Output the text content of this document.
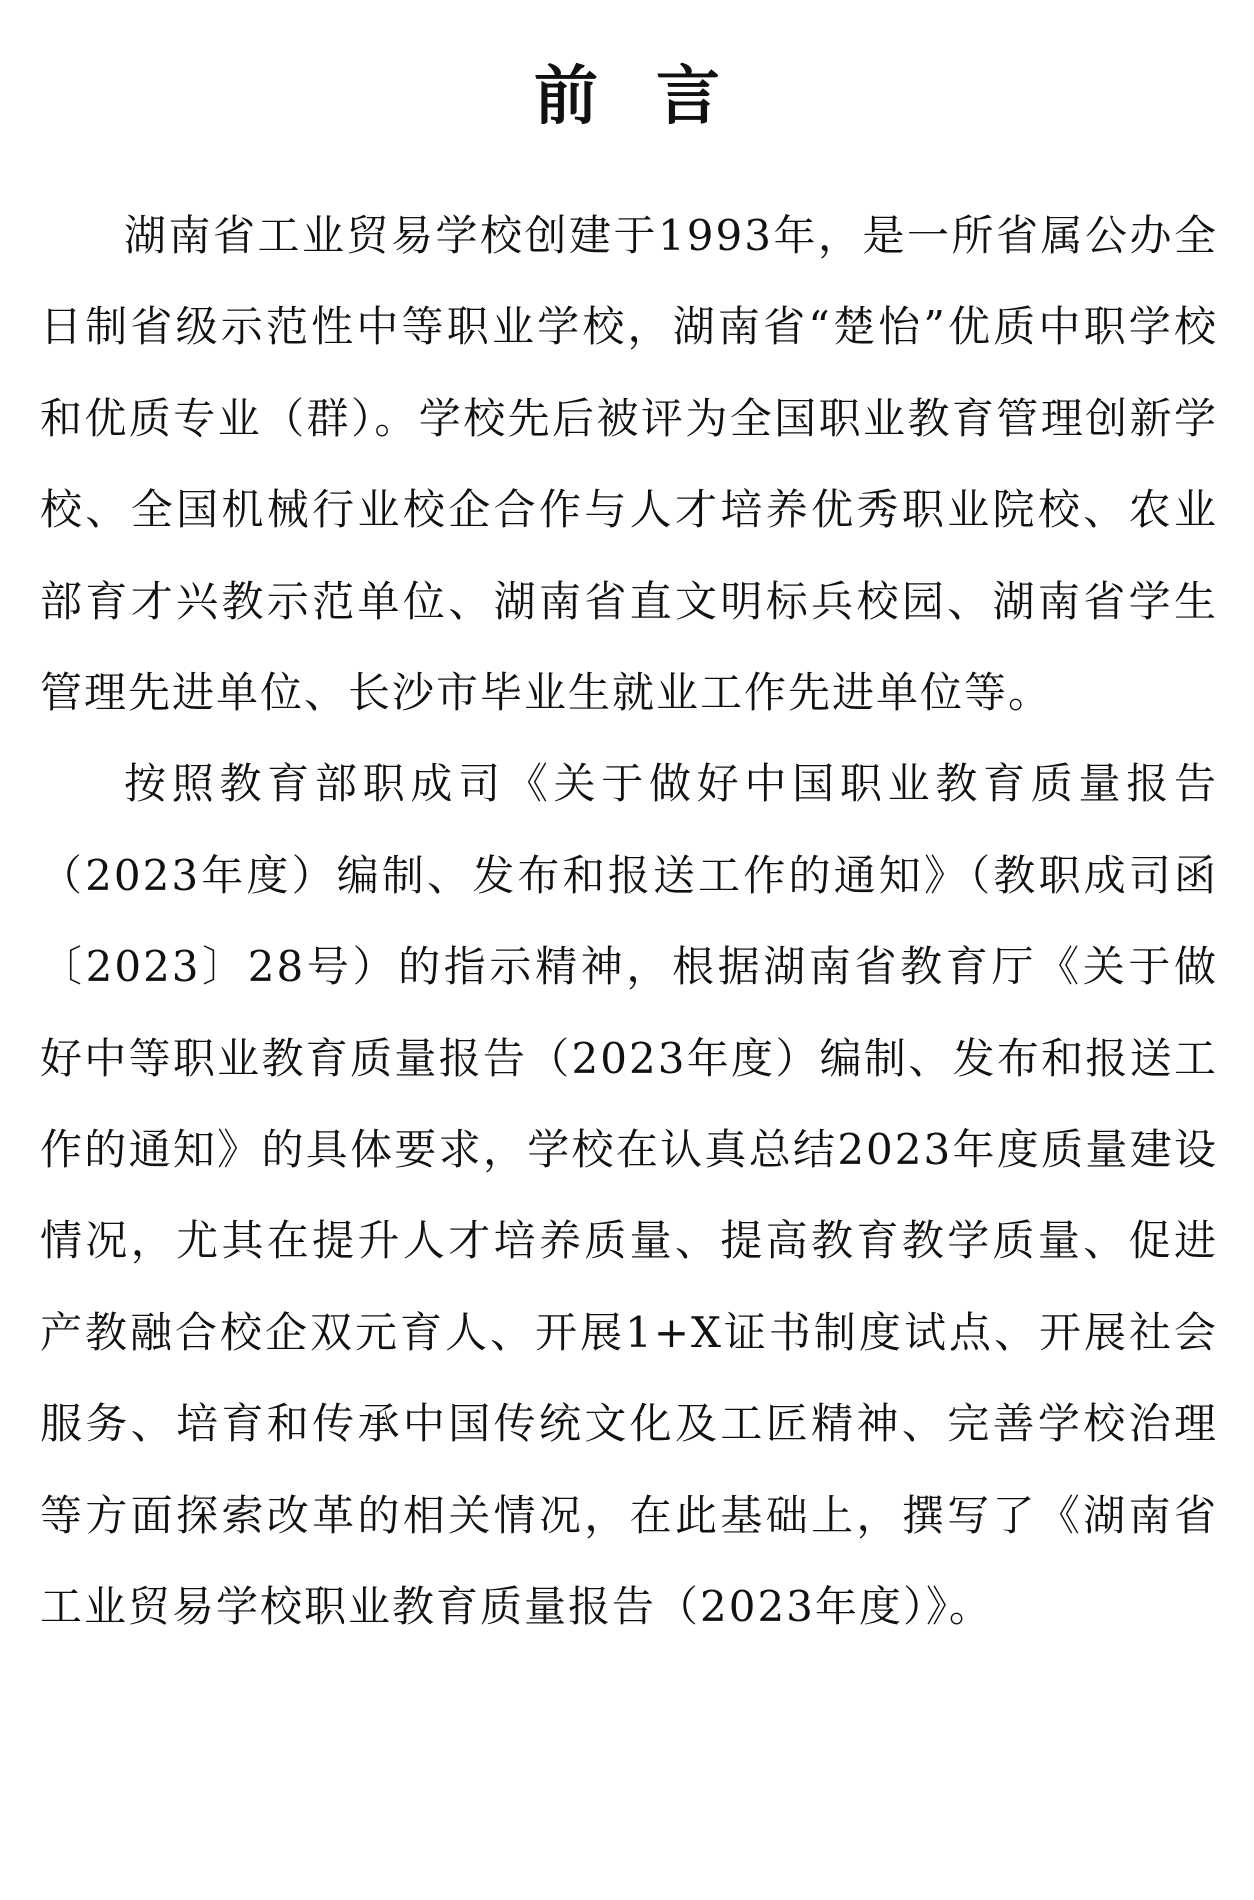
前言

湖南省工业贸易学校创建于1993年，是一所省属公办全日制省级示范性中等职业学校，湖南省“楚怡”优质中职学校和优质专业（群）。学校先后被评为全国职业教育管理创新学校、全国机械行业校企合作与人才培养优秀职业院校、农业部育才兴教示范单位、湖南省直文明标兵校园、湖南省学生管理先进单位、长沙市毕业生就业工作先进单位等。

按照教育部职成司《关于做好中国职业教育质量报告（2023年度）编制、发布和报送工作的通知》（教职成司函〔2023〕28号）的指示精神，根据湖南省教育厅《关于做好中等职业教育质量报告（2023年度）编制、发布和报送工作的通知》的具体要求，学校在认真总结2023年度质量建设情况，尤其在提升人才培养质量、提高教育教学质量、促进产教融合校企双元育人、开展1+X证书制度试点、开展社会服务、培育和传承中国传统文化及工匠精神、完善学校治理等方面探索改革的相关情况，在此基础上，撰写了《湖南省工业贸易学校职业教育质量报告（2023年度）》。
